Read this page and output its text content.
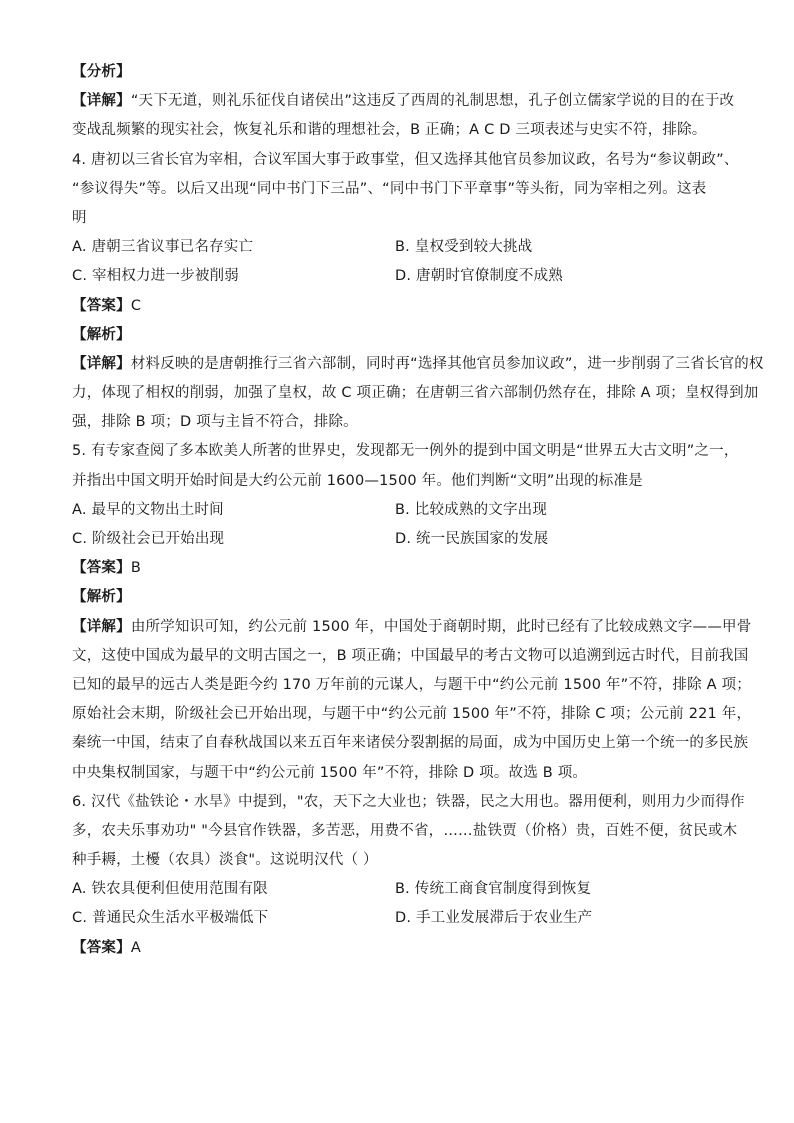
【分析】
【详解】“天下无道，则礼乐征伐自诸侯出”这违反了西周的礼制思想，孔子创立儒家学说的目的在于改
变战乱频繁的现实社会，恢复礼乐和谐的理想社会，B 正确；A C D 三项表述与史实不符，排除。
4. 唐初以三省长官为宰相，合议军国大事于政事堂，但又选择其他官员参加议政，名号为“参议朝政”、
“参议得失”等。以后又出现“同中书门下三品”、“同中书门下平章事”等头衔，同为宰相之列。这表
明
A. 唐朝三省议事已名存实亡	B. 皇权受到较大挑战
C. 宰相权力进一步被削弱	D. 唐朝时官僚制度不成熟
【答案】C
【解析】
【详解】材料反映的是唐朝推行三省六部制，同时再“选择其他官员参加议政”，进一步削弱了三省长官的权
力，体现了相权的削弱，加强了皇权，故 C 项正确；在唐朝三省六部制仍然存在，排除 A 项；皇权得到加
强，排除 B 项；D 项与主旨不符合，排除。
5. 有专家查阅了多本欧美人所著的世界史，发现都无一例外的提到中国文明是“世界五大古文明”之一，
并指出中国文明开始时间是大约公元前 1600—1500 年。他们判断“文明”出现的标准是
A. 最早的文物出土时间	B. 比较成熟的文字出现
C. 阶级社会已开始出现	D. 统一民族国家的发展
【答案】B
【解析】
【详解】由所学知识可知，约公元前 1500 年，中国处于商朝时期，此时已经有了比较成熟文字——甲骨
文，这使中国成为最早的文明古国之一，B 项正确；中国最早的考古文物可以追溯到远古时代，目前我国
已知的最早的远古人类是距今约 170 万年前的元谋人，与题干中“约公元前 1500 年”不符，排除 A 项；
原始社会末期，阶级社会已开始出现，与题干中“约公元前 1500 年”不符，排除 C 项；公元前 221 年，
秦统一中国，结束了自春秋战国以来五百年来诸侯分裂割据的局面，成为中国历史上第一个统一的多民族
中央集权制国家，与题干中“约公元前 1500 年”不符，排除 D 项。故选 B 项。
6. 汉代《盐铁论・水旱》中提到，"农，天下之大业也；铁器，民之大用也。器用便利，则用力少而得作
多，农夫乐事劝功" "今县官作铁器，多苦恶，用费不省，……盐铁贾（价格）贵，百姓不便，贫民或木
种手耨，土櫌（农具）淡食"。这说明汉代（ ）
A. 铁农具便利但使用范围有限	B. 传统工商食官制度得到恢复
C. 普通民众生活水平极端低下	D. 手工业发展滞后于农业生产
【答案】A
